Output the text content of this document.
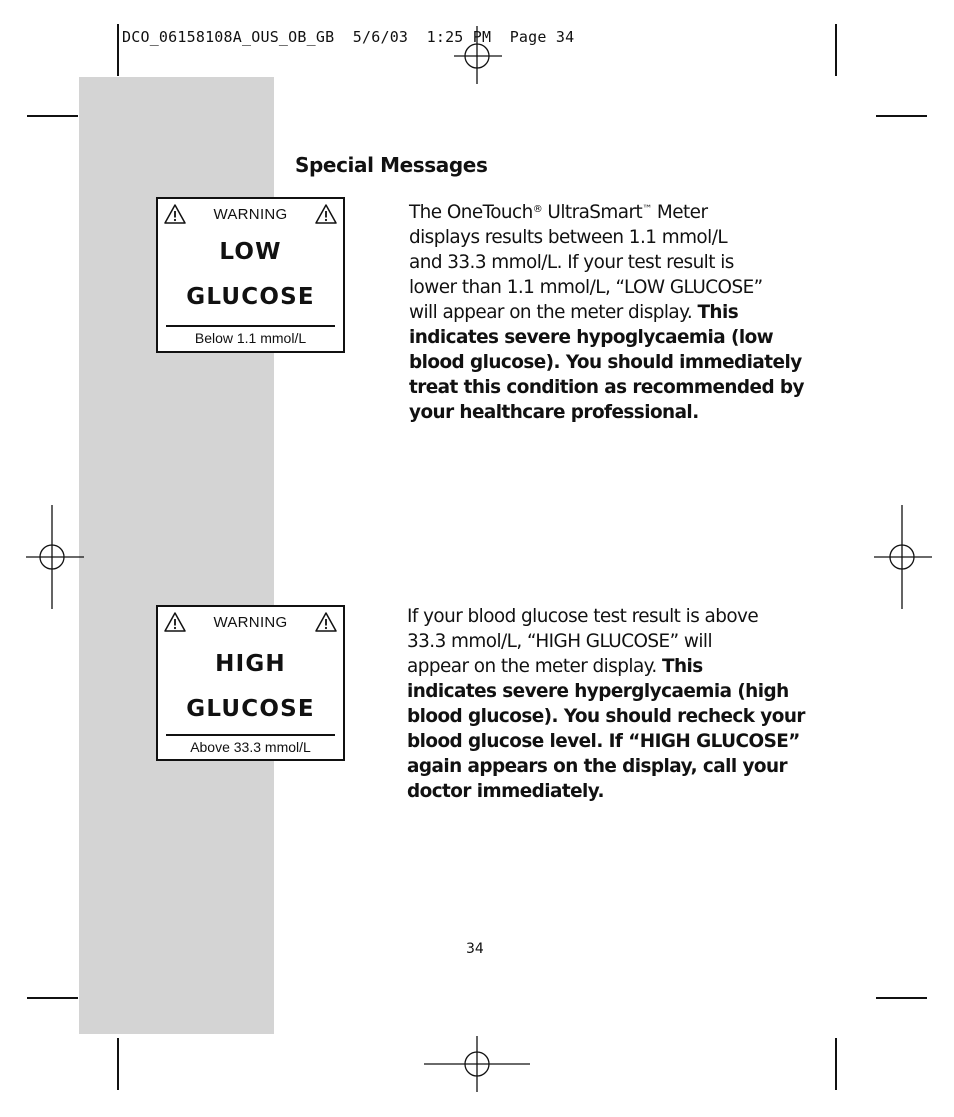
DCO_06158108A_OUS_OB_GB  5/6/03  1:25 PM  Page 34
Special Messages
WARNING
LOW
GLUCOSE
Below 1.1 mmol/L
WARNING
HIGH
GLUCOSE
Above 33.3 mmol/L

The OneTouch® UltraSmart™ Meter
displays results between 1.1 mmol/L
and 33.3 mmol/L. If your test result is
lower than 1.1 mmol/L, “LOW GLUCOSE”
will appear on the meter display. This
indicates severe hypoglycaemia (low
blood glucose). You should immediately
treat this condition as recommended by
your healthcare professional.

If your blood glucose test result is above
33.3 mmol/L, “HIGH GLUCOSE” will
appear on the meter display. This
indicates severe hyperglycaemia (high
blood glucose). You should recheck your
blood glucose level. If “HIGH GLUCOSE”
again appears on the display, call your
doctor immediately.

34
